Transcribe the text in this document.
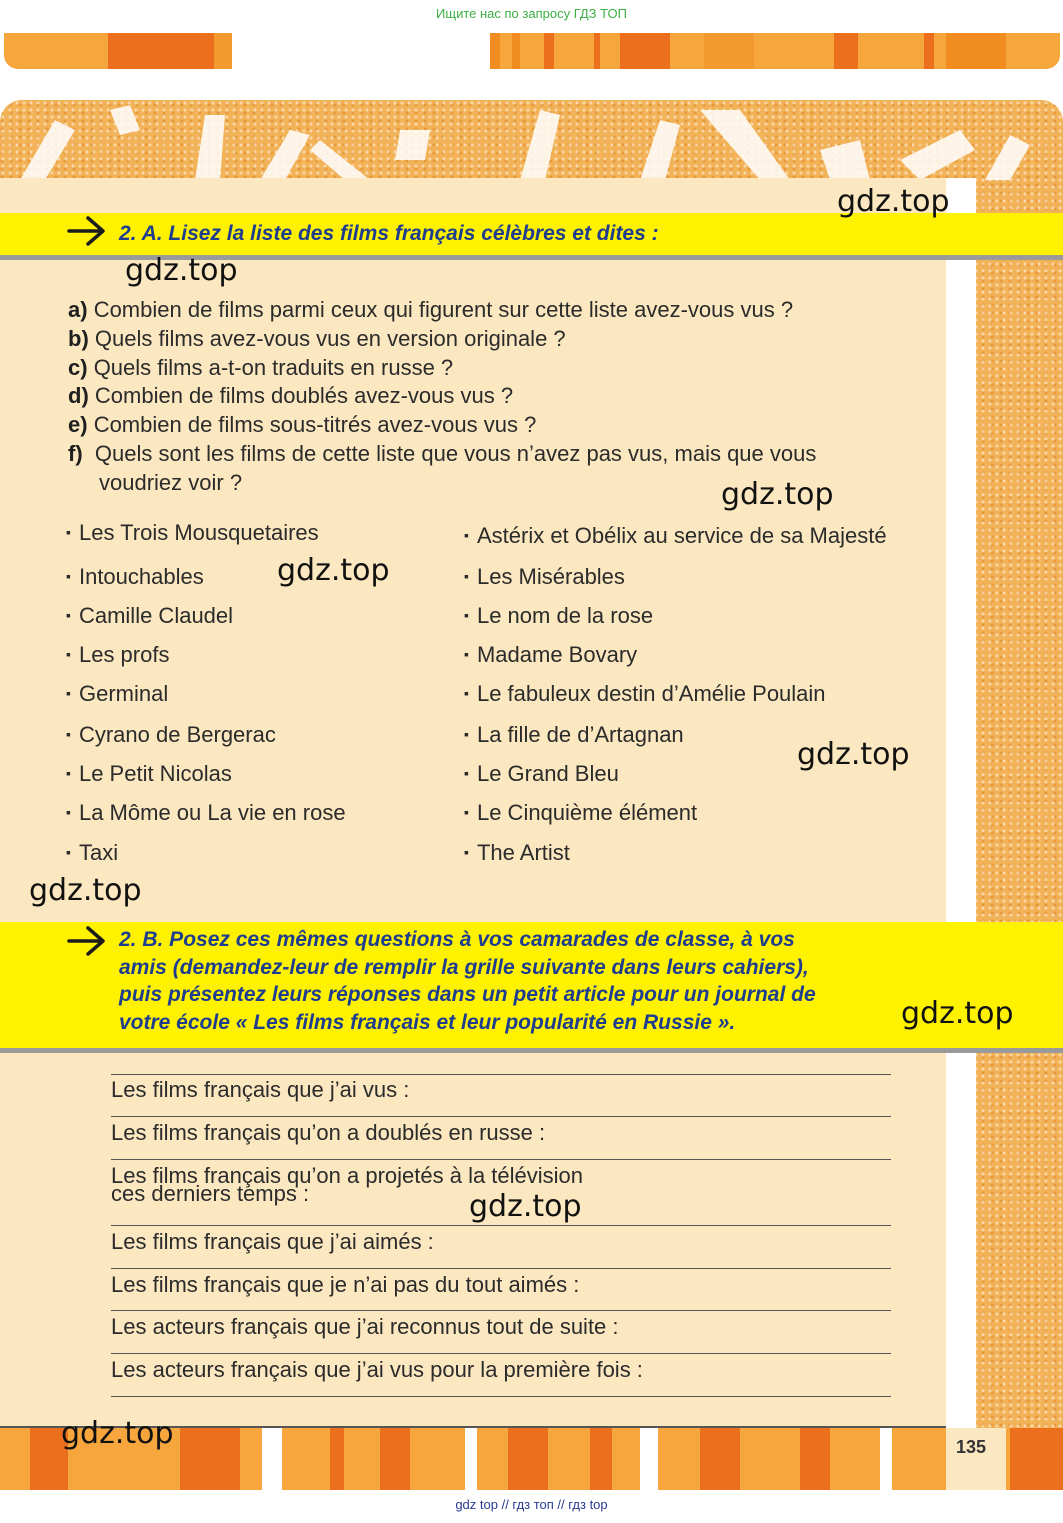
Ищите нас по запросу ГДЗ ТОП
2. A. Lisez la liste des films français célèbres et dites :
a) Combien de films parmi ceux qui figurent sur cette liste avez-vous vus ?
b) Quels films avez-vous vus en version originale ?
c) Quels films a-t-on traduits en russe ?
d) Combien de films doublés avez-vous vus ?
e) Combien de films sous-titrés avez-vous vus ?
f) Quels sont les films de cette liste que vous n’avez pas vus, mais que vous
voudriez voir ?
▪ Les Trois Mousquetaires
▪ Intouchables
▪ Camille Claudel
▪ Les profs
▪ Germinal
▪ Cyrano de Bergerac
▪ Le Petit Nicolas
▪ La Môme ou La vie en rose
▪ Taxi
▪ Astérix et Obélix au service de sa Majesté
▪ Les Misérables
▪ Le nom de la rose
▪ Madame Bovary
▪ Le fabuleux destin d’Amélie Poulain
▪ La fille de d’Artagnan
▪ Le Grand Bleu
▪ Le Cinquième élément
▪ The Artist
2. B. Posez ces mêmes questions à vos camarades de classe, à vos
amis (demandez-leur de remplir la grille suivante dans leurs cahiers),
puis présentez leurs réponses dans un petit article pour un journal de
votre école « Les films français et leur popularité en Russie ».
Les films français que j’ai vus :
Les films français qu’on a doublés en russe :
Les films français qu’on a projetés à la télévision
ces derniers temps :
Les films français que j’ai aimés :
Les films français que je n’ai pas du tout aimés :
Les acteurs français que j’ai reconnus tout de suite :
Les acteurs français que j’ai vus pour la première fois :
135
gdz.top
gdz.top
gdz.top
gdz.top
gdz.top
gdz.top
gdz.top
gdz.top
gdz.top
gdz top // гдз топ // гдз top
